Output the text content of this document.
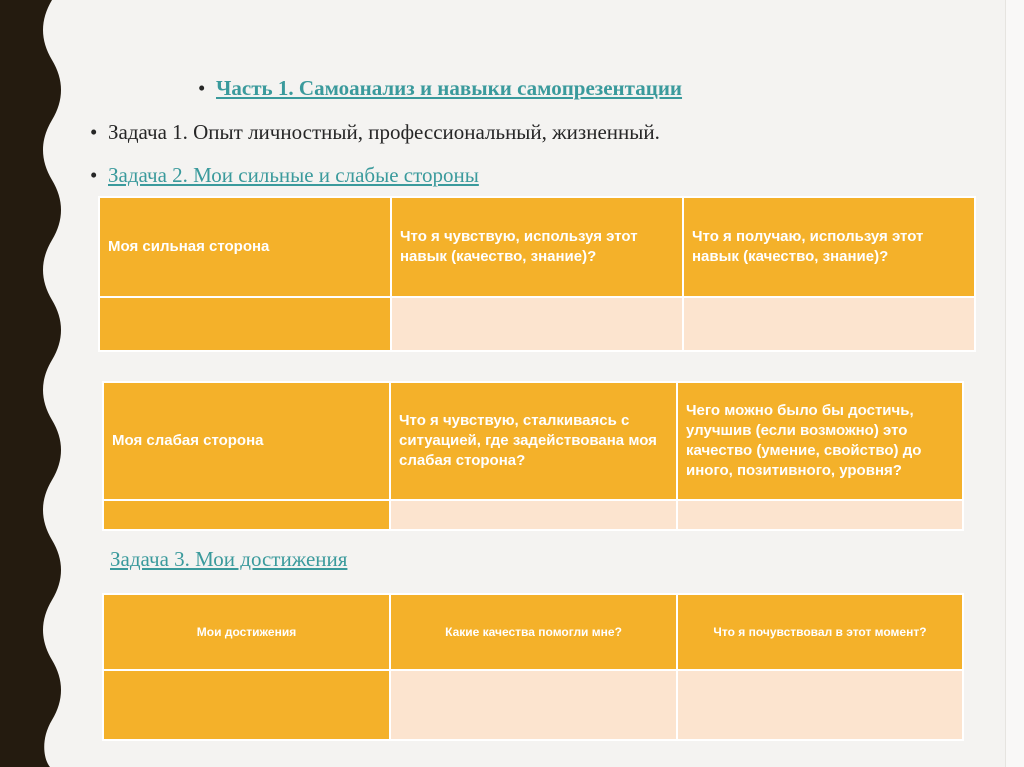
• Часть 1. Самоанализ и навыки самопрезентации
• Задача 1. Опыт личностный, профессиональный, жизненный.
• Задача 2. Мои сильные и слабые стороны
Моя сильная сторона	Что я чувствую, используя этот навык (качество, знание)?	Что я получаю, используя этот навык (качество, знание)?

Моя слабая сторона	Что я чувствую, сталкиваясь с ситуацией, где задействована моя слабая сторона?	Чего можно было бы достичь, улучшив (если возможно) это качество (умение, свойство) до иного, позитивного, уровня?

Задача 3. Мои достижения
Мои достижения	Какие качества помогли мне?	Что я почувствовал в этот момент?
